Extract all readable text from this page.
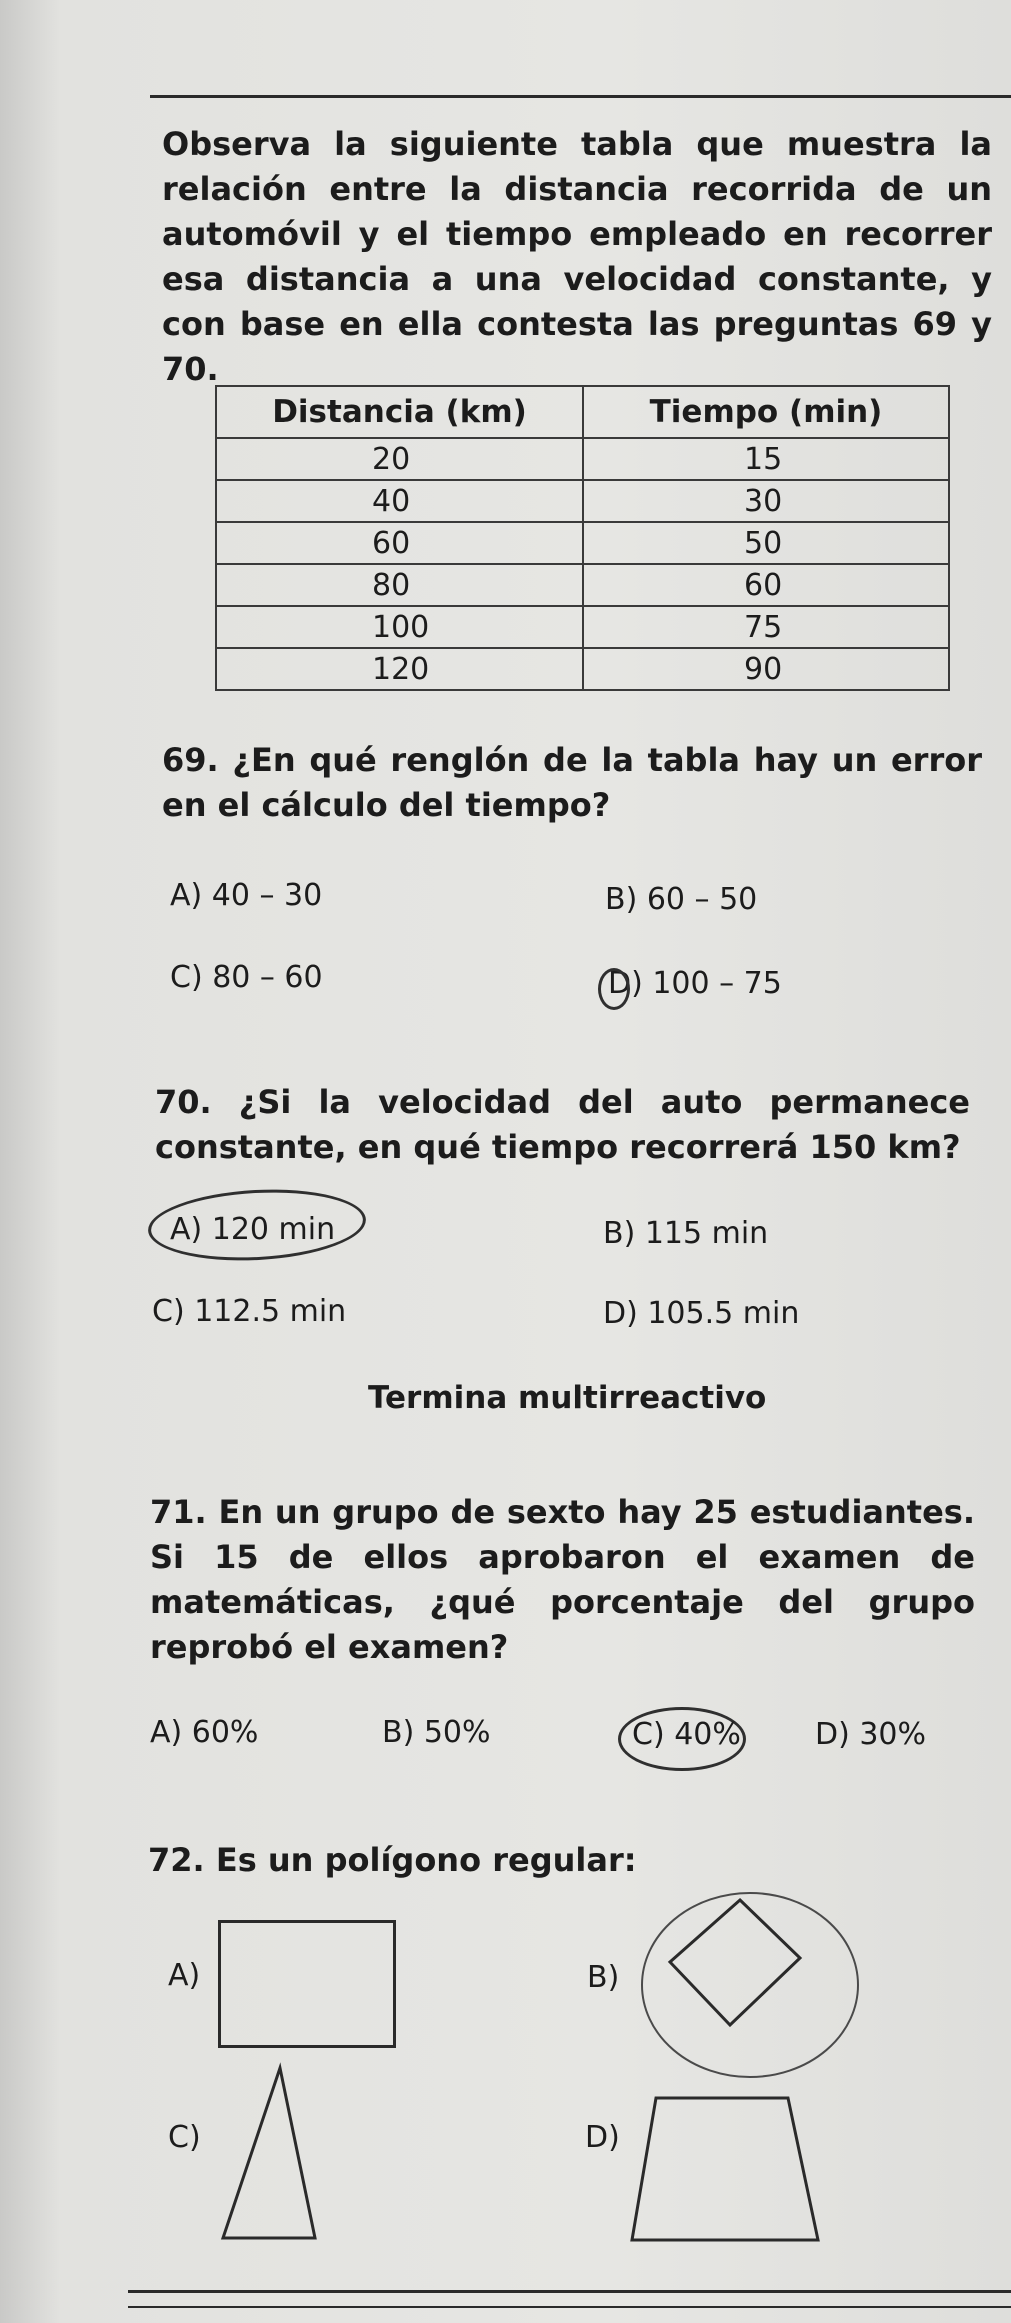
Observa la siguiente tabla que muestra la relación entre la distancia recorrida de un automóvil y el tiempo empleado en recorrer esa distancia a una velocidad constante, y con base en ella contesta las preguntas 69 y 70.
Distancia (km)	Tiempo (min)
20	15
40	30
60	50
80	60
100	75
120	90
69. ¿En qué renglón de la tabla hay un error en el cálculo del tiempo?
A) 40 – 30	B) 60 – 50
C) 80 – 60	D) 100 – 75
70. ¿Si la velocidad del auto permanece constante, en qué tiempo recorrerá 150 km?
A) 120 min	B) 115 min
C) 112.5 min	D) 105.5 min
Termina multirreactivo
71. En un grupo de sexto hay 25 estudiantes. Si 15 de ellos aprobaron el examen de matemáticas, ¿qué porcentaje del grupo reprobó el examen?
A) 60%	B) 50%	C) 40% D) 30%
72. Es un polígono regular:
A)	B)
C)	D)
